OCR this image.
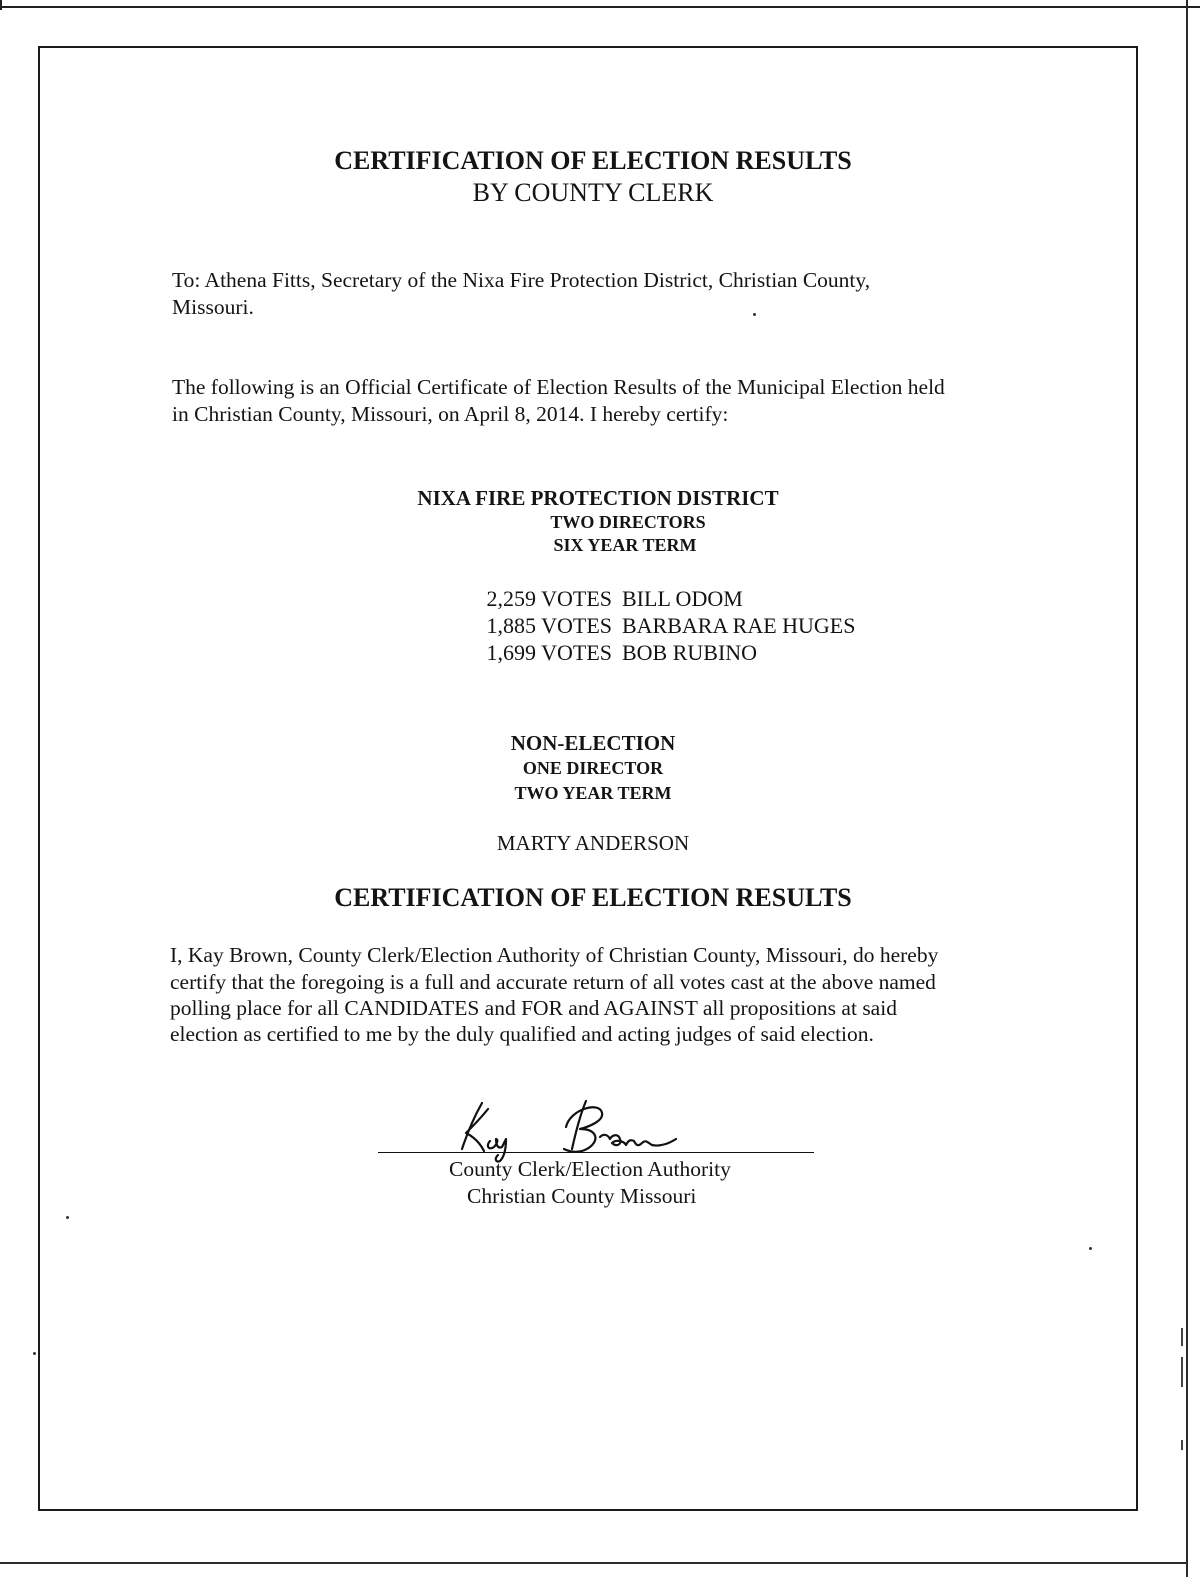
CERTIFICATION OF ELECTION RESULTS
BY COUNTY CLERK
To: Athena Fitts, Secretary of the Nixa Fire Protection District, Christian County,
Missouri.
The following is an Official Certificate of Election Results of the Municipal Election held
in Christian County, Missouri, on April 8, 2014. I hereby certify:
NIXA FIRE PROTECTION DISTRICT
TWO DIRECTORS
SIX YEAR TERM
2,259 VOTES BILL ODOM
1,885 VOTES BARBARA RAE HUGES
1,699 VOTES BOB RUBINO
NON-ELECTION
ONE DIRECTOR
TWO YEAR TERM
MARTY ANDERSON
CERTIFICATION OF ELECTION RESULTS
I, Kay Brown, County Clerk/Election Authority of Christian County, Missouri, do hereby
certify that the foregoing is a full and accurate return of all votes cast at the above named
polling place for all CANDIDATES and FOR and AGAINST all propositions at said
election as certified to me by the duly qualified and acting judges of said election.
County Clerk/Election Authority
Christian County Missouri
